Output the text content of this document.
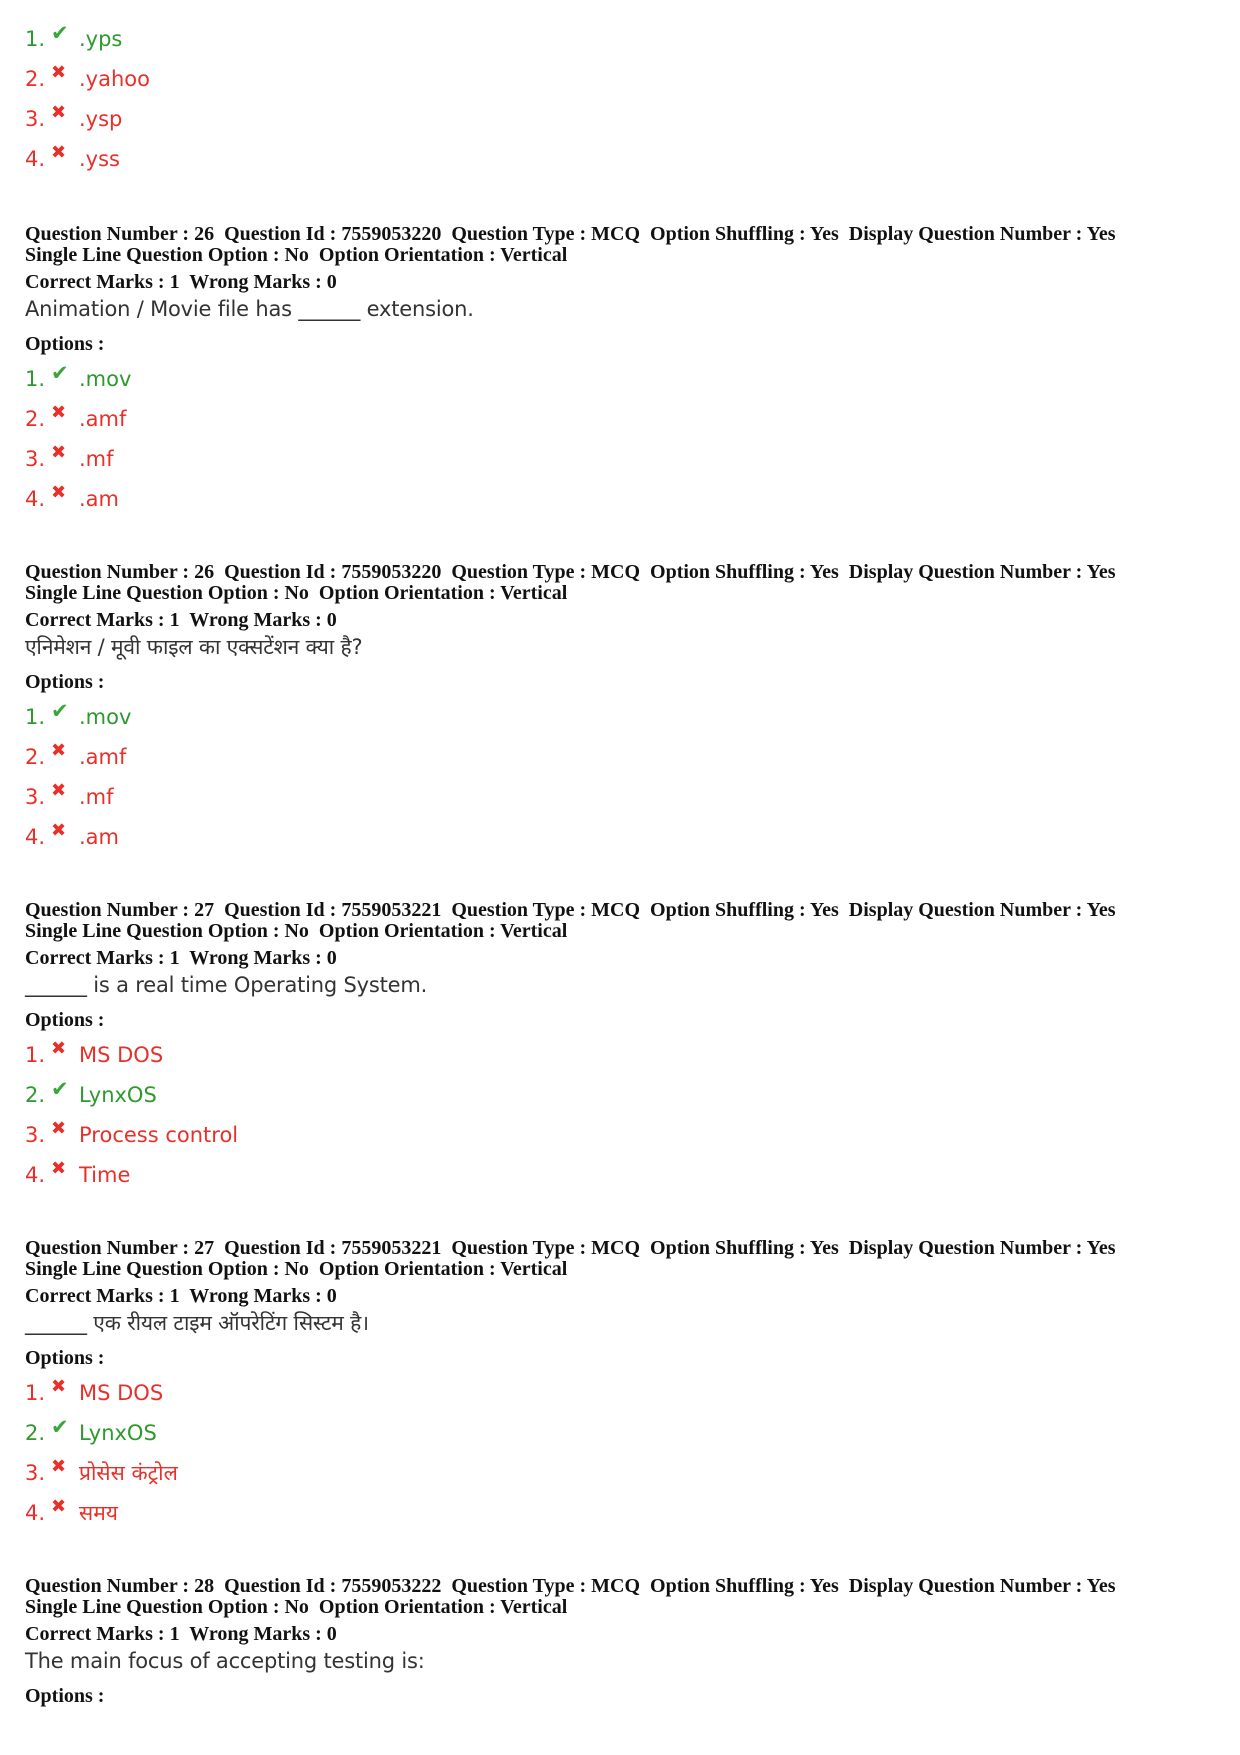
1. ✔ .yps
2. ✖ .yahoo
3. ✖ .ysp
4. ✖ .yss
Question Number : 26  Question Id : 7559053220  Question Type : MCQ  Option Shuffling : Yes  Display Question Number : Yes
Single Line Question Option : No  Option Orientation : Vertical
Correct Marks : 1  Wrong Marks : 0
Animation / Movie file has ______ extension.
Options :
1. ✔ .mov
2. ✖ .amf
3. ✖ .mf
4. ✖ .am
Question Number : 26  Question Id : 7559053220  Question Type : MCQ  Option Shuffling : Yes  Display Question Number : Yes
Single Line Question Option : No  Option Orientation : Vertical
Correct Marks : 1  Wrong Marks : 0
एनिमेशन / मूवी फाइल का एक्सटेंशन क्या है?
Options :
1. ✔ .mov
2. ✖ .amf
3. ✖ .mf
4. ✖ .am
Question Number : 27  Question Id : 7559053221  Question Type : MCQ  Option Shuffling : Yes  Display Question Number : Yes
Single Line Question Option : No  Option Orientation : Vertical
Correct Marks : 1  Wrong Marks : 0
______ is a real time Operating System.
Options :
1. ✖ MS DOS
2. ✔ LynxOS
3. ✖ Process control
4. ✖ Time
Question Number : 27  Question Id : 7559053221  Question Type : MCQ  Option Shuffling : Yes  Display Question Number : Yes
Single Line Question Option : No  Option Orientation : Vertical
Correct Marks : 1  Wrong Marks : 0
______ एक रीयल टाइम ऑपरेटिंग सिस्टम है।
Options :
1. ✖ MS DOS
2. ✔ LynxOS
3. ✖ प्रोसेस कंट्रोल
4. ✖ समय
Question Number : 28  Question Id : 7559053222  Question Type : MCQ  Option Shuffling : Yes  Display Question Number : Yes
Single Line Question Option : No  Option Orientation : Vertical
Correct Marks : 1  Wrong Marks : 0
The main focus of accepting testing is:
Options :
